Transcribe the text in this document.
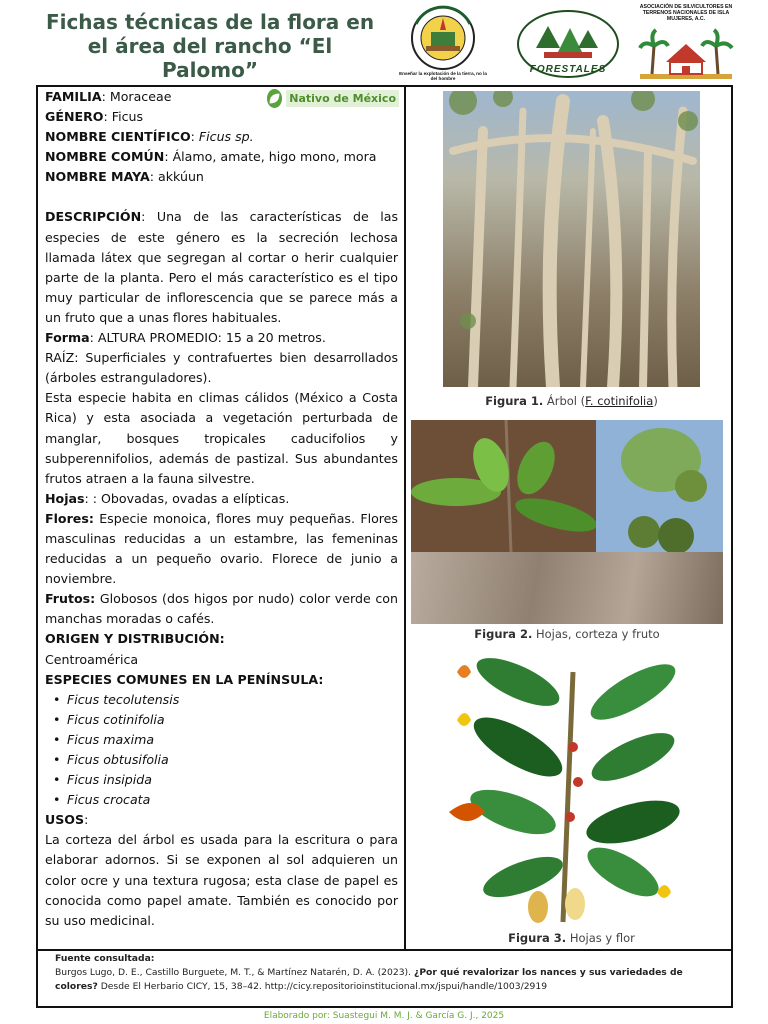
Fichas técnicas de la flora en el área del rancho “El Palomo”	Enseñar la explotación de la tierra, no la del hombre
FORESTALES
ASOCIACIÓN DE SILVICULTORES EN TERRENOS NACIONALES DE ISLA MUJERES, A.C.
Nativo de México

FAMILIA: Moraceae

GÉNERO: Ficus

NOMBRE CIENTÍFICO: Ficus sp.

NOMBRE COMÚN: Álamo, amate, higo mono, mora

NOMBRE MAYA: akkúun

DESCRIPCIÓN: Una de las características de las especies de este género es la secreción lechosa llamada látex que segregan al cortar o herir cualquier parte de la planta. Pero el más característico es el tipo muy particular de inflorescencia que se parece más a un fruto que a unas flores habituales.

Forma: ALTURA PROMEDIO: 15 a 20 metros.

RAÍZ: Superficiales y contrafuertes bien desarrollados (árboles estranguladores).

Esta especie habita en climas cálidos (México a Costa Rica) y esta asociada a vegetación perturbada de manglar, bosques tropicales caducifolios y subperennifolios, además de pastizal. Sus abundantes frutos atraen a la fauna silvestre.

Hojas: : Obovadas, ovadas a elípticas.

Flores: Especie monoica, flores muy pequeñas. Flores masculinas reducidas a un estambre, las femeninas reducidas a un pequeño ovario. Florece de junio a noviembre.

Frutos: Globosos (dos higos por nudo) color verde con manchas moradas o cafés.

ORIGEN Y DISTRIBUCIÓN:

Centroamérica

ESPECIES COMUNES EN LA PENÍNSULA:

• Ficus tecolutensis
• Ficus cotinifolia
• Ficus maxima
• Ficus obtusifolia
• Ficus insipida
• Ficus crocata

USOS:

La corteza del árbol es usada para la escritura o para elaborar adornos. Si se exponen al sol adquieren un color ocre y una textura rugosa; esta clase de papel es conocida como papel amate. También es conocido por su uso medicinal.

Figura 1. Árbol (F. cotinifolia)
Figura 2. Hojas, corteza y fruto
Figura 3. Hojas y flor
Fuente consultada:
Burgos Lugo, D. E., Castillo Burguete, M. T., & Martínez Natarén, D. A. (2023). ¿Por qué revalorizar los nances y sus variedades de colores? Desde El Herbario CICY, 15, 38–42. http://cicy.repositorioinstitucional.mx/jspui/handle/1003/2919
Elaborado por: Suastegui M. M. J. & García G. J., 2025
